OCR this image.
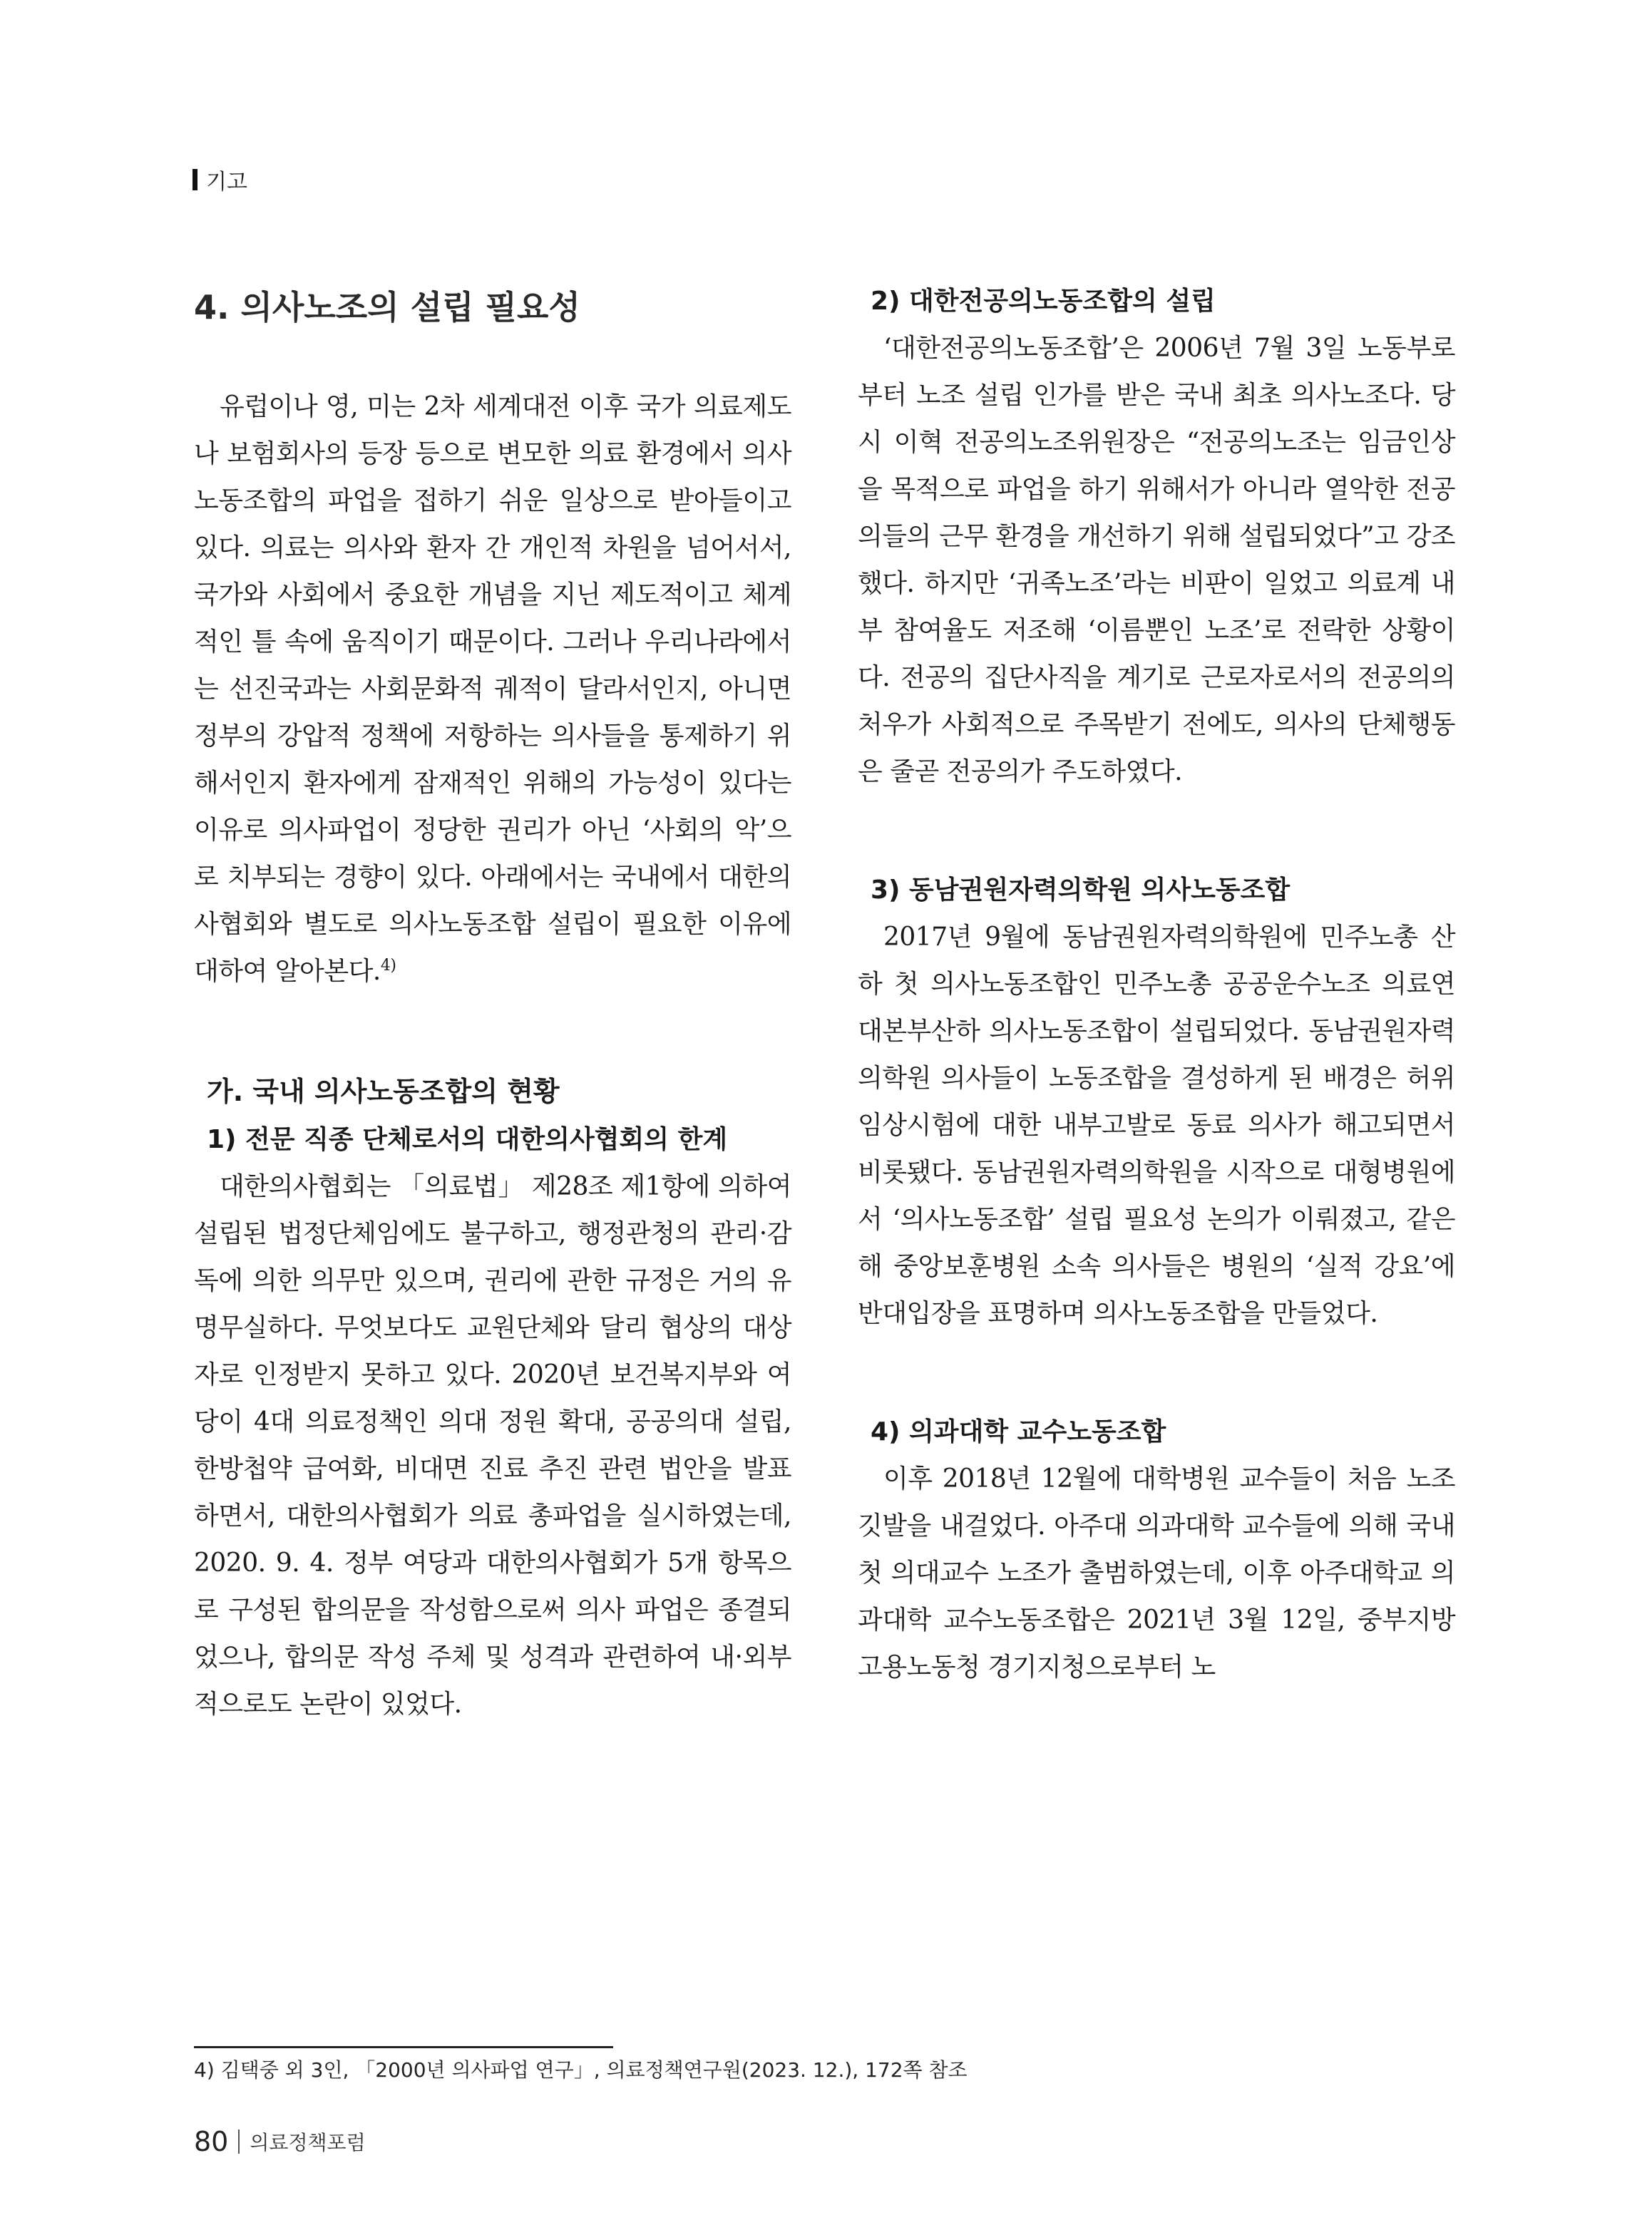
기고
4. 의사노조의 설립 필요성

유럽이나 영, 미는 2차 세계대전 이후 국가 의료제도나 보험회사의 등장 등으로 변모한 의료 환경에서 의사노동조합의 파업을 접하기 쉬운 일상으로 받아들이고 있다. 의료는 의사와 환자 간 개인적 차원을 넘어서서, 국가와 사회에서 중요한 개념을 지닌 제도적이고 체계적인 틀 속에 움직이기 때문이다. 그러나 우리나라에서는 선진국과는 사회문화적 궤적이 달라서인지, 아니면 정부의 강압적 정책에 저항하는 의사들을 통제하기 위해서인지 환자에게 잠재적인 위해의 가능성이 있다는 이유로 의사파업이 정당한 권리가 아닌 ‘사회의 악’으로 치부되는 경향이 있다. 아래에서는 국내에서 대한의사협회와 별도로 의사노동조합 설립이 필요한 이유에 대하여 알아본다.$^{4)}$

가. 국내 의사노동조합의 현황
1) 전문 직종 단체로서의 대한의사협회의 한계

대한의사협회는 「의료법」 제28조 제1항에 의하여 설립된 법정단체임에도 불구하고, 행정관청의 관리·감독에 의한 의무만 있으며, 권리에 관한 규정은 거의 유명무실하다. 무엇보다도 교원단체와 달리 협상의 대상자로 인정받지 못하고 있다. 2020년 보건복지부와 여당이 4대 의료정책인 의대 정원 확대, 공공의대 설립, 한방첩약 급여화, 비대면 진료 추진 관련 법안을 발표하면서, 대한의사협회가 의료 총파업을 실시하였는데, 2020. 9. 4. 정부 여당과 대한의사협회가 5개 항목으로 구성된 합의문을 작성함으로써 의사 파업은 종결되었으나, 합의문 작성 주체 및 성격과 관련하여 내·외부적으로도 논란이 있었다.

2) 대한전공의노동조합의 설립

‘대한전공의노동조합’은 2006년 7월 3일 노동부로부터 노조 설립 인가를 받은 국내 최초 의사노조다. 당시 이혁 전공의노조위원장은 “전공의노조는 임금인상을 목적으로 파업을 하기 위해서가 아니라 열악한 전공의들의 근무 환경을 개선하기 위해 설립되었다”고 강조했다. 하지만 ‘귀족노조’라는 비판이 일었고 의료계 내부 참여율도 저조해 ‘이름뿐인 노조’로 전락한 상황이다. 전공의 집단사직을 계기로 근로자로서의 전공의의 처우가 사회적으로 주목받기 전에도, 의사의 단체행동은 줄곧 전공의가 주도하였다.

3) 동남권원자력의학원 의사노동조합

2017년 9월에 동남권원자력의학원에 민주노총 산하 첫 의사노동조합인 민주노총 공공운수노조 의료연대본부산하 의사노동조합이 설립되었다. 동남권원자력의학원 의사들이 노동조합을 결성하게 된 배경은 허위 임상시험에 대한 내부고발로 동료 의사가 해고되면서 비롯됐다. 동남권원자력의학원을 시작으로 대형병원에서 ‘의사노동조합’ 설립 필요성 논의가 이뤄졌고, 같은 해 중앙보훈병원 소속 의사들은 병원의 ‘실적 강요’에 반대입장을 표명하며 의사노동조합을 만들었다.

4) 의과대학 교수노동조합

이후 2018년 12월에 대학병원 교수들이 처음 노조 깃발을 내걸었다. 아주대 의과대학 교수들에 의해 국내 첫 의대교수 노조가 출범하였는데, 이후 아주대학교 의과대학 교수노동조합은 2021년 3월 12일, 중부지방고용노동청 경기지청으로부터 노

4) 김택중 외 3인, 「2000년 의사파업 연구」, 의료정책연구원(2023. 12.), 172쪽 참조
80 의료정책포럼
